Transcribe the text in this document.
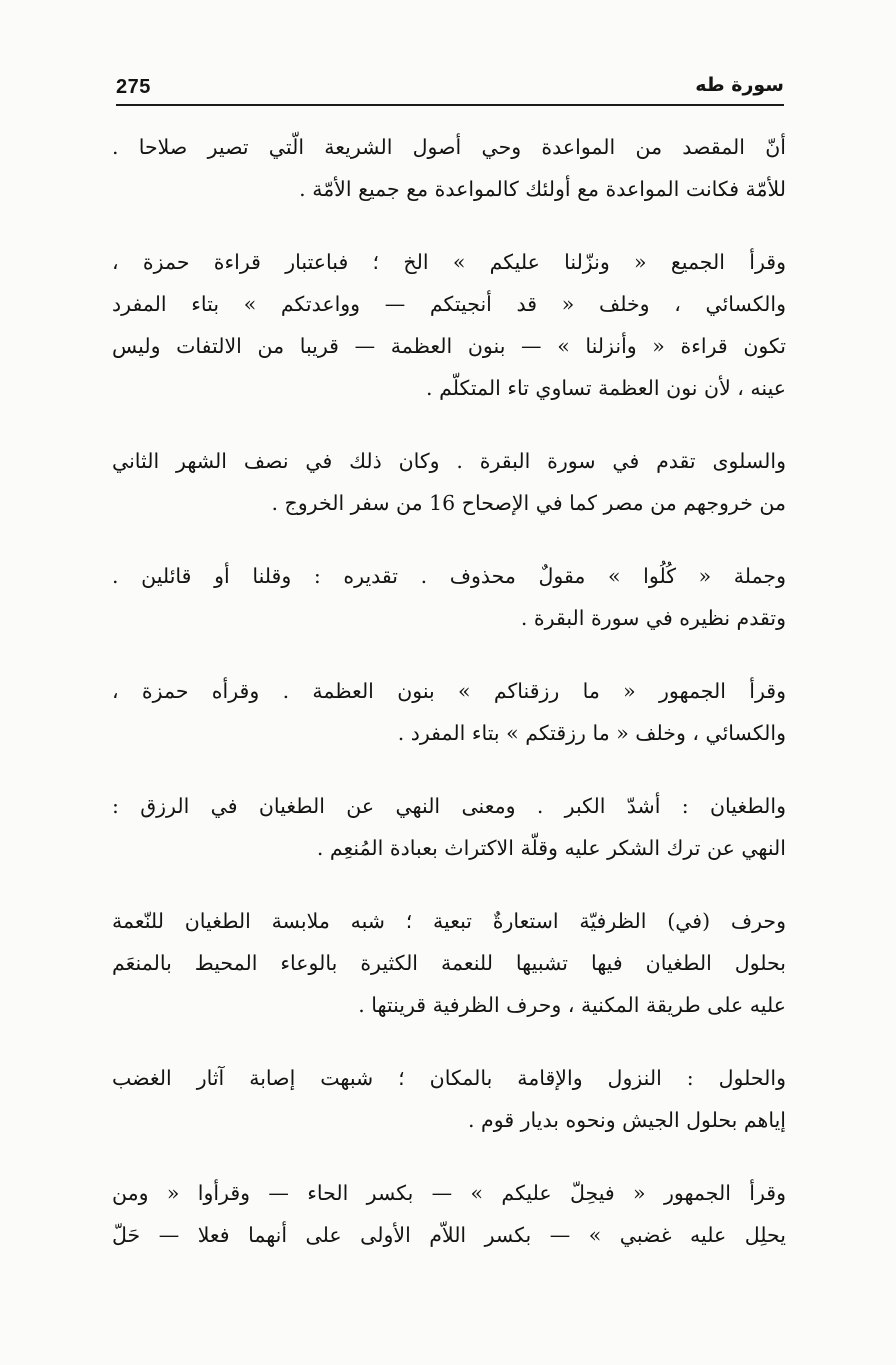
275	سورة طه
أنّ المقصد من المواعدة وحي أصول الشريعة الّتي تصير صلاحا .
للأمّة فكانت المواعدة مع أولئك كالمواعدة مع جميع الأمّة .
وقرأ الجميع « ونزّلنا عليكم » الخ ؛ فباعتبار قراءة حمزة ،
والكسائي ، وخلف « قد أنجيتكم — وواعدتكم » بتاء المفرد
تكون قراءة « وأنزلنا » — بنون العظمة — قريبا من الالتفات وليس
عينه ، لأن نون العظمة تساوي تاء المتكلّم .
والسلوى تقدم في سورة البقرة . وكان ذلك في نصف الشهر الثاني
من خروجهم من مصر كما في الإصحاح 16 من سفر الخروج .
وجملة « كُلُوا » مقولٌ محذوف . تقديره : وقلنا أو قائلين .
وتقدم نظيره في سورة البقرة .
وقرأ الجمهور « ما رزقناكم » بنون العظمة . وقرأه حمزة ،
والكسائي ، وخلف « ما رزقتكم » بتاء المفرد .
والطغيان : أشدّ الكبر . ومعنى النهي عن الطغيان في الرزق :
النهي عن ترك الشكر عليه وقلّة الاكتراث بعبادة المُنعِم .
وحرف (في) الظرفيّة استعارةٌ تبعية ؛ شبه ملابسة الطغيان للنّعمة
بحلول الطغيان فيها تشبيها للنعمة الكثيرة بالوعاء المحيط بالمنعَم
عليه على طريقة المكنية ، وحرف الظرفية قرينتها .
والحلول : النزول والإقامة بالمكان ؛ شبهت إصابة آثار الغضب
إياهم بحلول الجيش ونحوه بديار قوم .
وقرأ الجمهور « فيحِلّ عليكم » — بكسر الحاء — وقرأوا « ومن
يحلِل عليه غضبي » — بكسر اللاّم الأولى على أنهما فعلا — حَلّ
